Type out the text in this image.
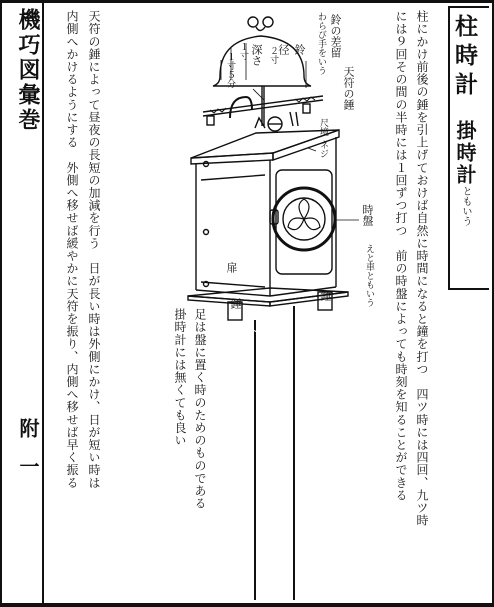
機巧図彙巻
附一
柱時計
掛時計ともいう
柱にかけ前後の錘を引上げておけば自然に時間になると鐘を打つ　四ツ時には四回、九ツ時
には９回その間の半時には１回ずつ打つ　前の時盤によっても時刻を知ることができる
天符の錘によって昼夜の長短の加減を行う　日が長い時は外側にかけ、日が短い時は
内側へかけるようにする　外側へ移せば緩やかに天符を振り、内側へ移せば早く振る	足は盤に置く時のためのものである
掛時計には無くても良い
鈴の差留
わらび手をいう
鈴
径
２寸
深さ
１寸
１寸５分	天符の錘
尺境
ネジ
時盤
えと車ともいう
扉
錘
錘
